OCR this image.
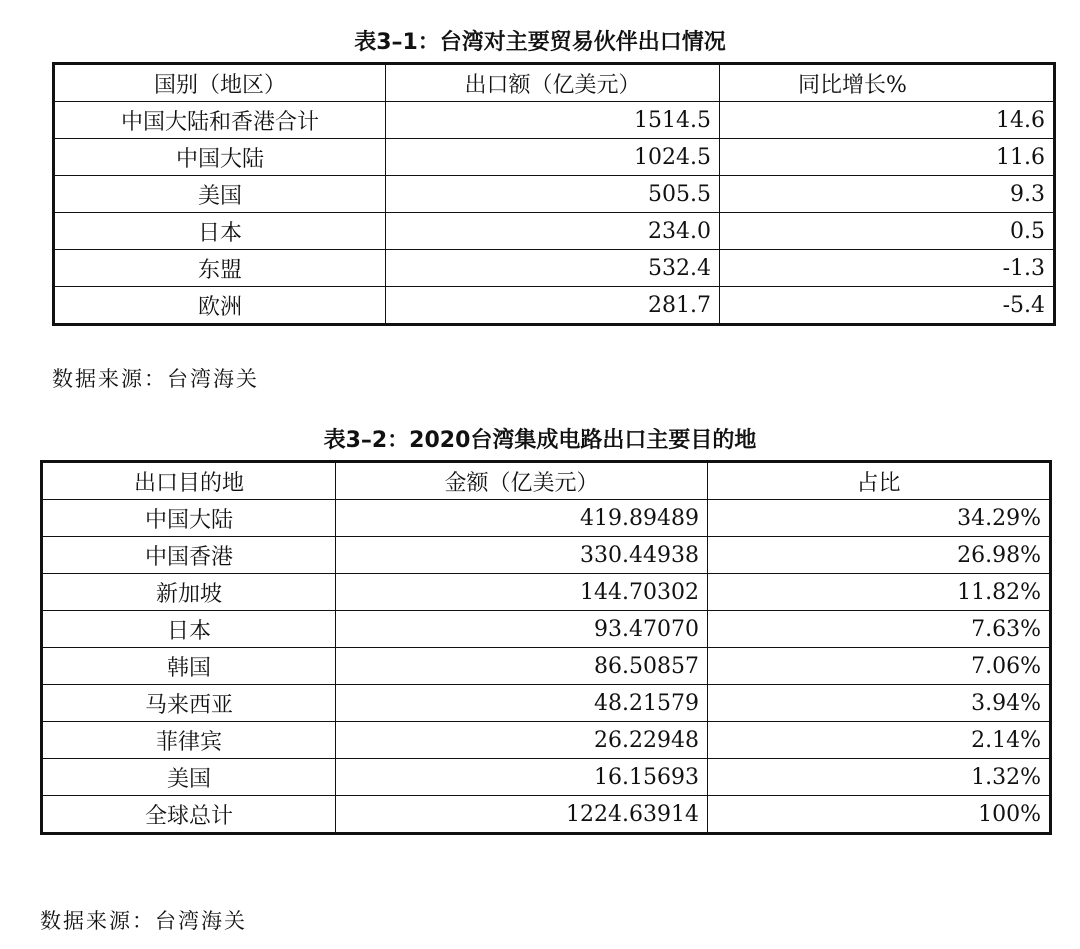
表3–1：台湾对主要贸易伙伴出口情况
国别（地区）	出口额（亿美元）	同比增长%
中国大陆和香港合计	1514.5	14.6
中国大陆	1024.5	11.6
美国	505.5	9.3
日本	234.0	0.5
东盟	532.4	-1.3
欧洲	281.7	-5.4
数据来源：台湾海关
表3–2：2020台湾集成电路出口主要目的地
出口目的地	金额（亿美元）	占比
中国大陆	419.89489	34.29%
中国香港	330.44938	26.98%
新加坡	144.70302	11.82%
日本	93.47070	7.63%
韩国	86.50857	7.06%
马来西亚	48.21579	3.94%
菲律宾	26.22948	2.14%
美国	16.15693	1.32%
全球总计	1224.63914	100%
数据来源：台湾海关
